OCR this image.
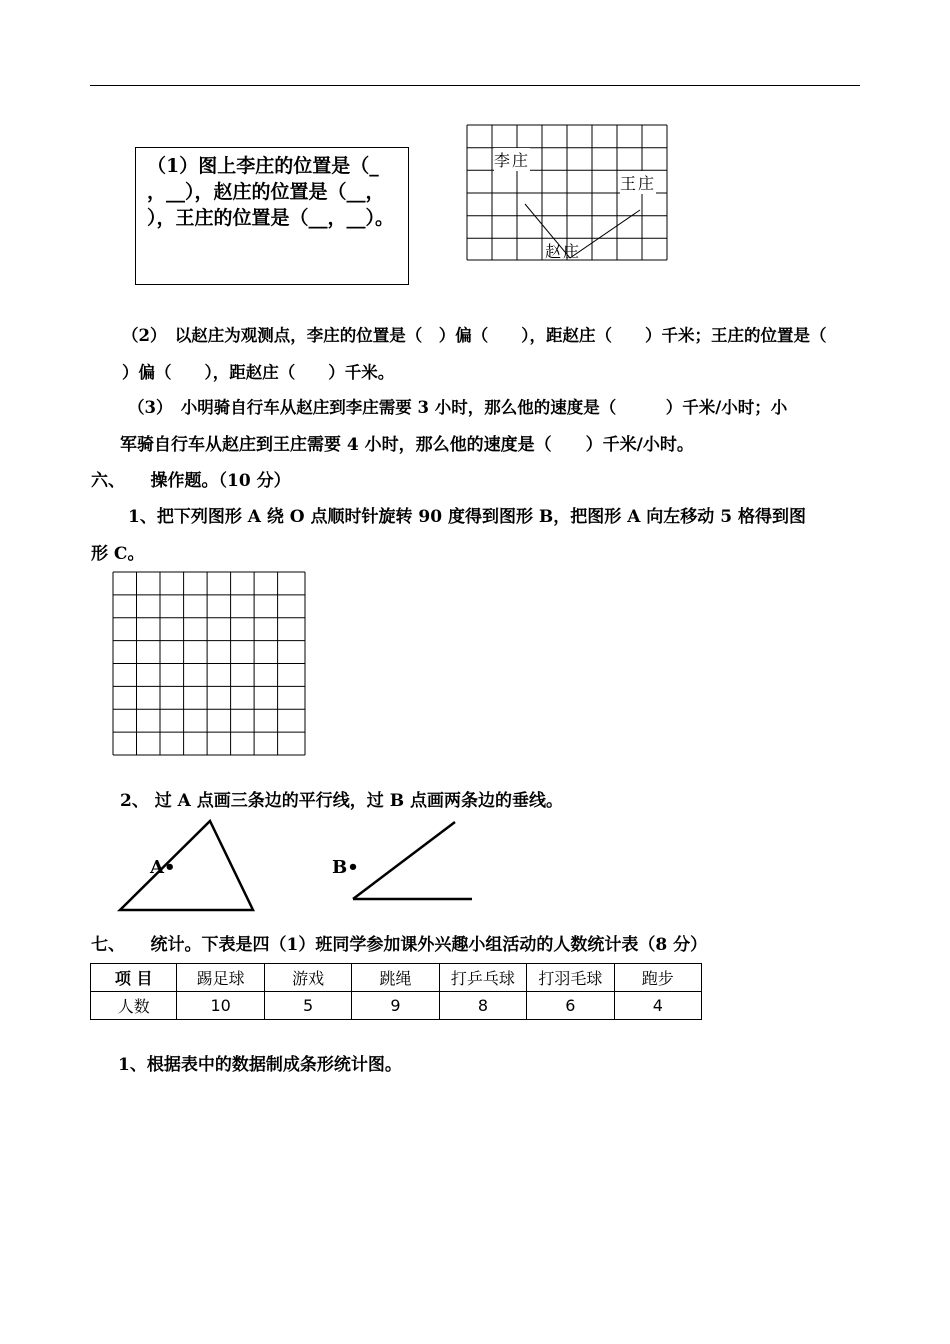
（1）图上李庄的位置是（_
，__），赵庄的位置是（__，
），王庄的位置是（__，__）。
李庄
王庄
赵庄
（2）　以赵庄为观测点，李庄的位置是（　）偏（　　），距赵庄（　　）千米；王庄的位置是（
）偏（　　），距赵庄（　　）千米。
（3）　小明骑自行车从赵庄到李庄需要 3 小时，那么他的速度是（　　　）千米/小时；小
军骑自行车从赵庄到王庄需要 4 小时，那么他的速度是（　　）千米/小时。
六、　　操作题。（10 分）
1、把下列图形 A 绕 O 点顺时针旋转 90 度得到图形 B，把图形 A 向左移动 5 格得到图
形 C。
2、 过 A 点画三条边的平行线，过 B 点画两条边的垂线。
A•	B•
七、　　统计。下表是四（1）班同学参加课外兴趣小组活动的人数统计表（8 分）
项 目	踢足球	游戏	跳绳	打乒乓球	打羽毛球	跑步
人数	10	5	9	8	6	4
1、根据表中的数据制成条形统计图。
